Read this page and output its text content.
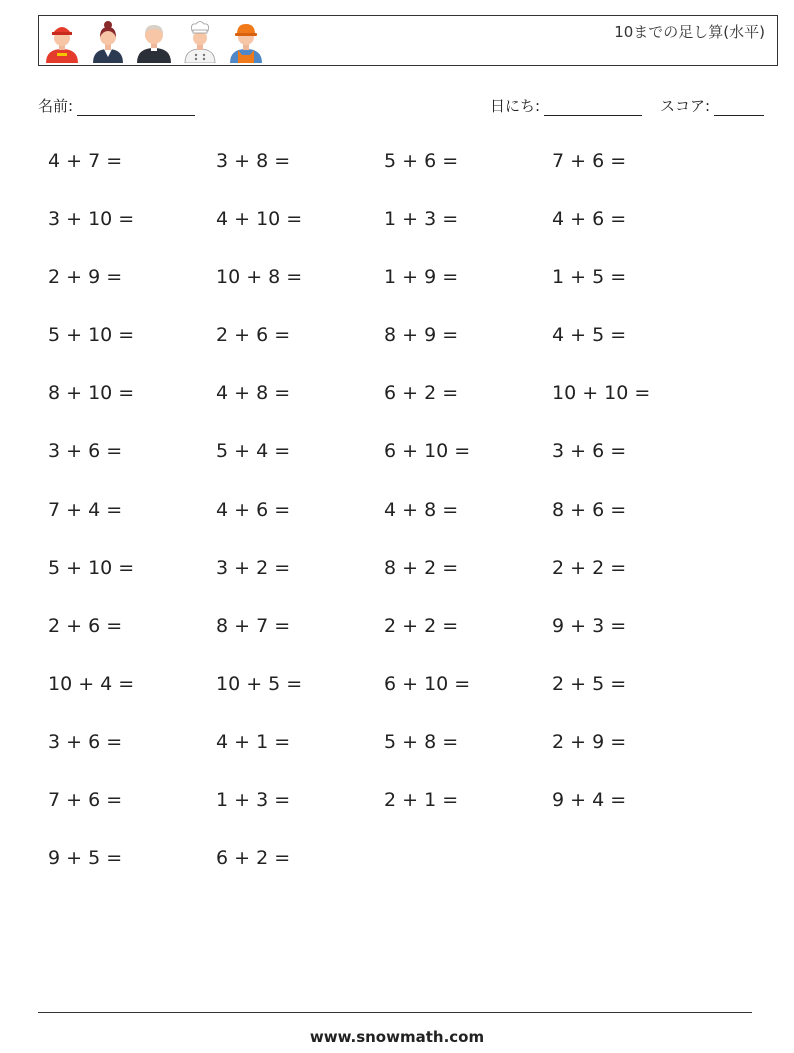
10までの足し算(水平)
名前:	日にち:	スコア:
4 + 7 =	3 + 8 =	5 + 6 =	7 + 6 =
3 + 10 =	4 + 10 =	1 + 3 =	4 + 6 =
2 + 9 =	10 + 8 =	1 + 9 =	1 + 5 =
5 + 10 =	2 + 6 =	8 + 9 =	4 + 5 =
8 + 10 =	4 + 8 =	6 + 2 =	10 + 10 =
3 + 6 =	5 + 4 =	6 + 10 =	3 + 6 =
7 + 4 =	4 + 6 =	4 + 8 =	8 + 6 =
5 + 10 =	3 + 2 =	8 + 2 =	2 + 2 =
2 + 6 =	8 + 7 =	2 + 2 =	9 + 3 =
10 + 4 =	10 + 5 =	6 + 10 =	2 + 5 =
3 + 6 =	4 + 1 =	5 + 8 =	2 + 9 =
7 + 6 =	1 + 3 =	2 + 1 =	9 + 4 =
9 + 5 =	6 + 2 =
www.snowmath.com
